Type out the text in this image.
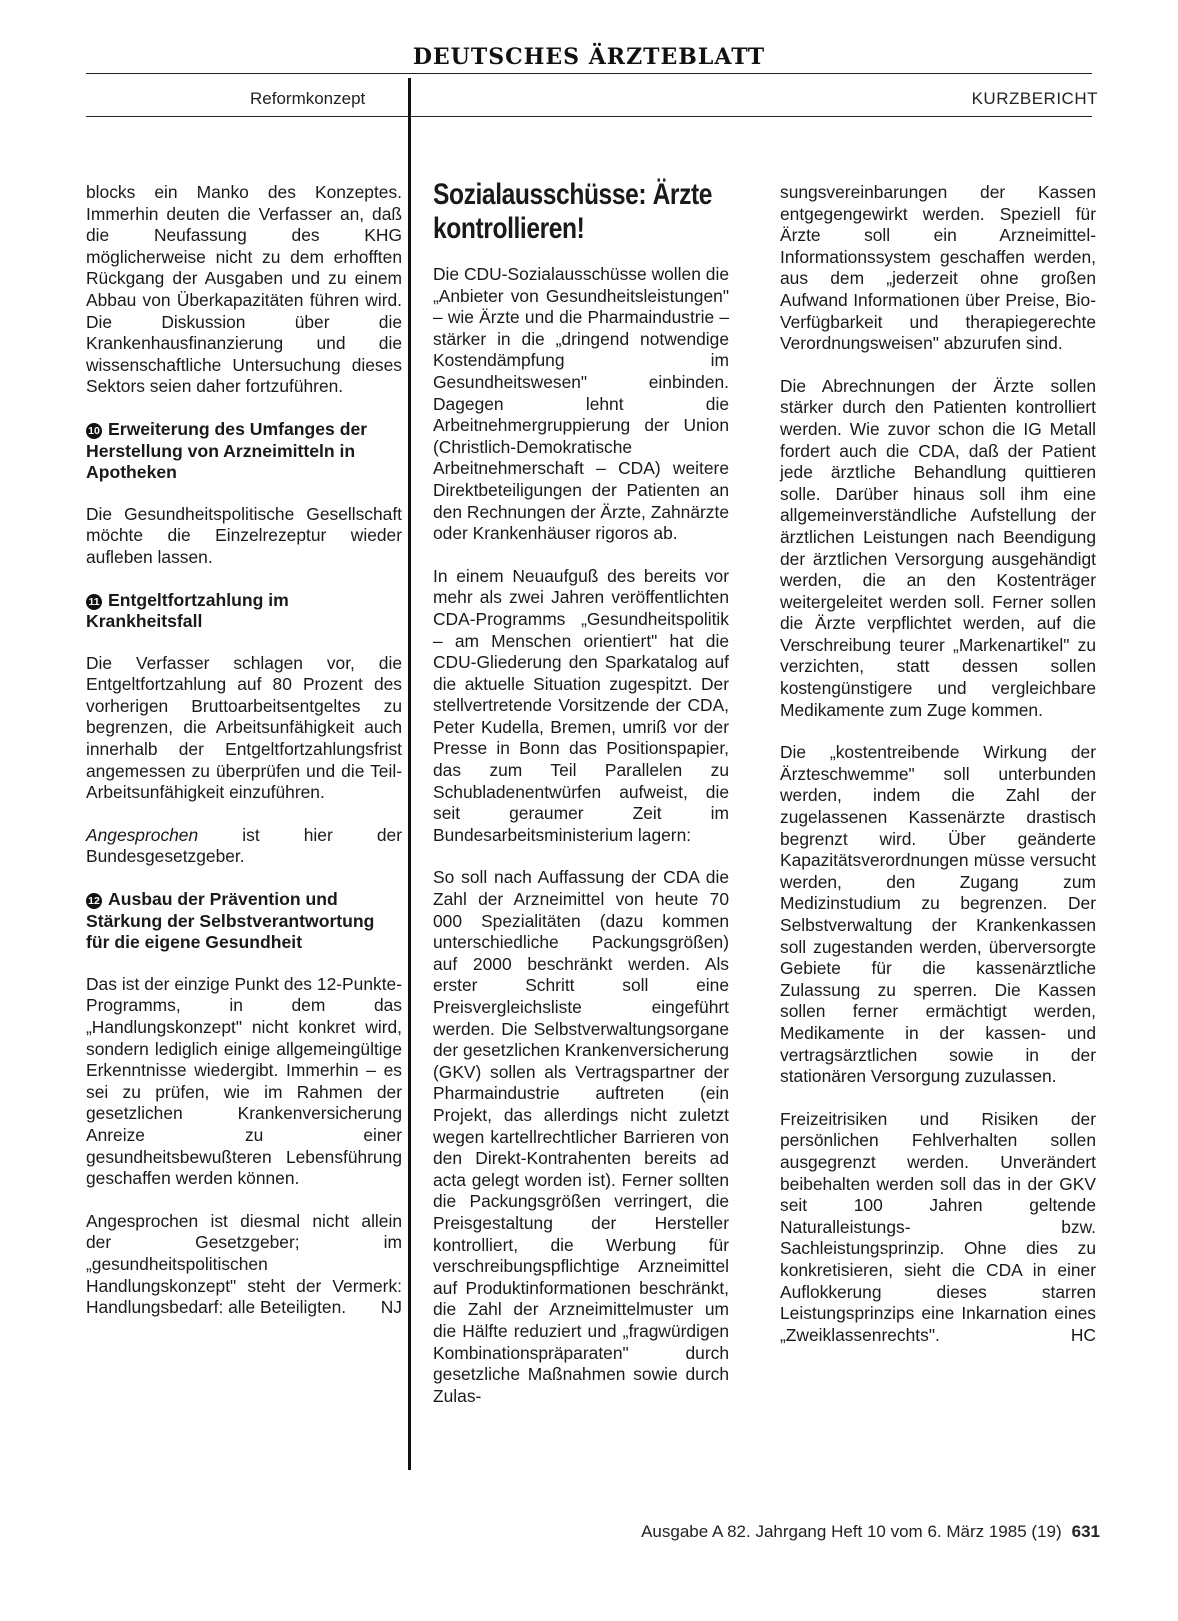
DEUTSCHES ÄRZTEBLATT
Reformkonzept	KURZBERICHT

blocks ein Manko des Konzeptes. Immerhin deuten die Verfasser an, daß die Neufassung des KHG möglicherweise nicht zu dem erhofften Rückgang der Ausgaben und zu einem Abbau von Überkapazitäten führen wird. Die Diskussion über die Krankenhausfinanzierung und die wissenschaftliche Untersuchung dieses Sektors seien daher fortzuführen.

10 Erweiterung des Umfanges der Herstellung von Arzneimitteln in Apotheken

Die Gesundheitspolitische Gesellschaft möchte die Einzelrezeptur wieder aufleben lassen.

11 Entgeltfortzahlung im Krankheitsfall

Die Verfasser schlagen vor, die Entgeltfortzahlung auf 80 Prozent des vorherigen Bruttoarbeitsentgeltes zu begrenzen, die Arbeitsunfähigkeit auch innerhalb der Entgeltfortzahlungsfrist angemessen zu überprüfen und die Teil-Arbeitsunfähigkeit einzuführen.

Angesprochen ist hier der Bundesgesetzgeber.

12 Ausbau der Prävention und Stärkung der Selbstverantwortung für die eigene Gesundheit

Das ist der einzige Punkt des 12-Punkte-Programms, in dem das „Handlungskonzept" nicht konkret wird, sondern lediglich einige allgemeingültige Erkenntnisse wiedergibt. Immerhin – es sei zu prüfen, wie im Rahmen der gesetzlichen Krankenversicherung Anreize zu einer gesundheitsbewußteren Lebensführung geschaffen werden können.

Angesprochen ist diesmal nicht allein der Gesetzgeber; im „gesundheitspolitischen Handlungskonzept" steht der Vermerk: Handlungsbedarf: alle Beteiligten. NJ

Sozialausschüsse: Ärzte kontrollieren!

Die CDU-Sozialausschüsse wollen die „Anbieter von Gesundheitsleistungen" – wie Ärzte und die Pharmaindustrie – stärker in die „dringend notwendige Kostendämpfung im Gesundheitswesen" einbinden. Dagegen lehnt die Arbeitnehmergruppierung der Union (Christlich-Demokratische Arbeitnehmerschaft – CDA) weitere Direktbeteiligungen der Patienten an den Rechnungen der Ärzte, Zahnärzte oder Krankenhäuser rigoros ab.

In einem Neuaufguß des bereits vor mehr als zwei Jahren veröffentlichten CDA-Programms „Gesundheitspolitik – am Menschen orientiert" hat die CDU-Gliederung den Sparkatalog auf die aktuelle Situation zugespitzt. Der stellvertretende Vorsitzende der CDA, Peter Kudella, Bremen, umriß vor der Presse in Bonn das Positionspapier, das zum Teil Parallelen zu Schubladenentwürfen aufweist, die seit geraumer Zeit im Bundesarbeitsministerium lagern:

So soll nach Auffassung der CDA die Zahl der Arzneimittel von heute 70 000 Spezialitäten (dazu kommen unterschiedliche Packungsgrößen) auf 2000 beschränkt werden. Als erster Schritt soll eine Preisvergleichsliste eingeführt werden. Die Selbstverwaltungsorgane der gesetzlichen Krankenversicherung (GKV) sollen als Vertragspartner der Pharmaindustrie auftreten (ein Projekt, das allerdings nicht zuletzt wegen kartellrechtlicher Barrieren von den Direkt-Kontrahenten bereits ad acta gelegt worden ist). Ferner sollten die Packungsgrößen verringert, die Preisgestaltung der Hersteller kontrolliert, die Werbung für verschreibungspflichtige Arzneimittel auf Produktinformationen beschränkt, die Zahl der Arzneimittelmuster um die Hälfte reduziert und „fragwürdigen Kombinationspräparaten" durch gesetzliche Maßnahmen sowie durch Zulas-

sungsvereinbarungen der Kassen entgegengewirkt werden. Speziell für Ärzte soll ein Arzneimittel-Informationssystem geschaffen werden, aus dem „jederzeit ohne großen Aufwand Informationen über Preise, Bio-Verfügbarkeit und therapiegerechte Verordnungsweisen" abzurufen sind.

Die Abrechnungen der Ärzte sollen stärker durch den Patienten kontrolliert werden. Wie zuvor schon die IG Metall fordert auch die CDA, daß der Patient jede ärztliche Behandlung quittieren solle. Darüber hinaus soll ihm eine allgemeinverständliche Aufstellung der ärztlichen Leistungen nach Beendigung der ärztlichen Versorgung ausgehändigt werden, die an den Kostenträger weitergeleitet werden soll. Ferner sollen die Ärzte verpflichtet werden, auf die Verschreibung teurer „Markenartikel" zu verzichten, statt dessen sollen kostengünstigere und vergleichbare Medikamente zum Zuge kommen.

Die „kostentreibende Wirkung der Ärzteschwemme" soll unterbunden werden, indem die Zahl der zugelassenen Kassenärzte drastisch begrenzt wird. Über geänderte Kapazitätsverordnungen müsse versucht werden, den Zugang zum Medizinstudium zu begrenzen. Der Selbstverwaltung der Krankenkassen soll zugestanden werden, überversorgte Gebiete für die kassenärztliche Zulassung zu sperren. Die Kassen sollen ferner ermächtigt werden, Medikamente in der kassen- und vertragsärztlichen sowie in der stationären Versorgung zuzulassen.

Freizeitrisiken und Risiken der persönlichen Fehlverhalten sollen ausgegrenzt werden. Unverändert beibehalten werden soll das in der GKV seit 100 Jahren geltende Naturalleistungs- bzw. Sachleistungsprinzip. Ohne dies zu konkretisieren, sieht die CDA in einer Auflokkerung dieses starren Leistungsprinzips eine Inkarnation eines „Zweiklassenrechts".	HC

Ausgabe A 82. Jahrgang Heft 10 vom 6. März 1985 (19) 631
